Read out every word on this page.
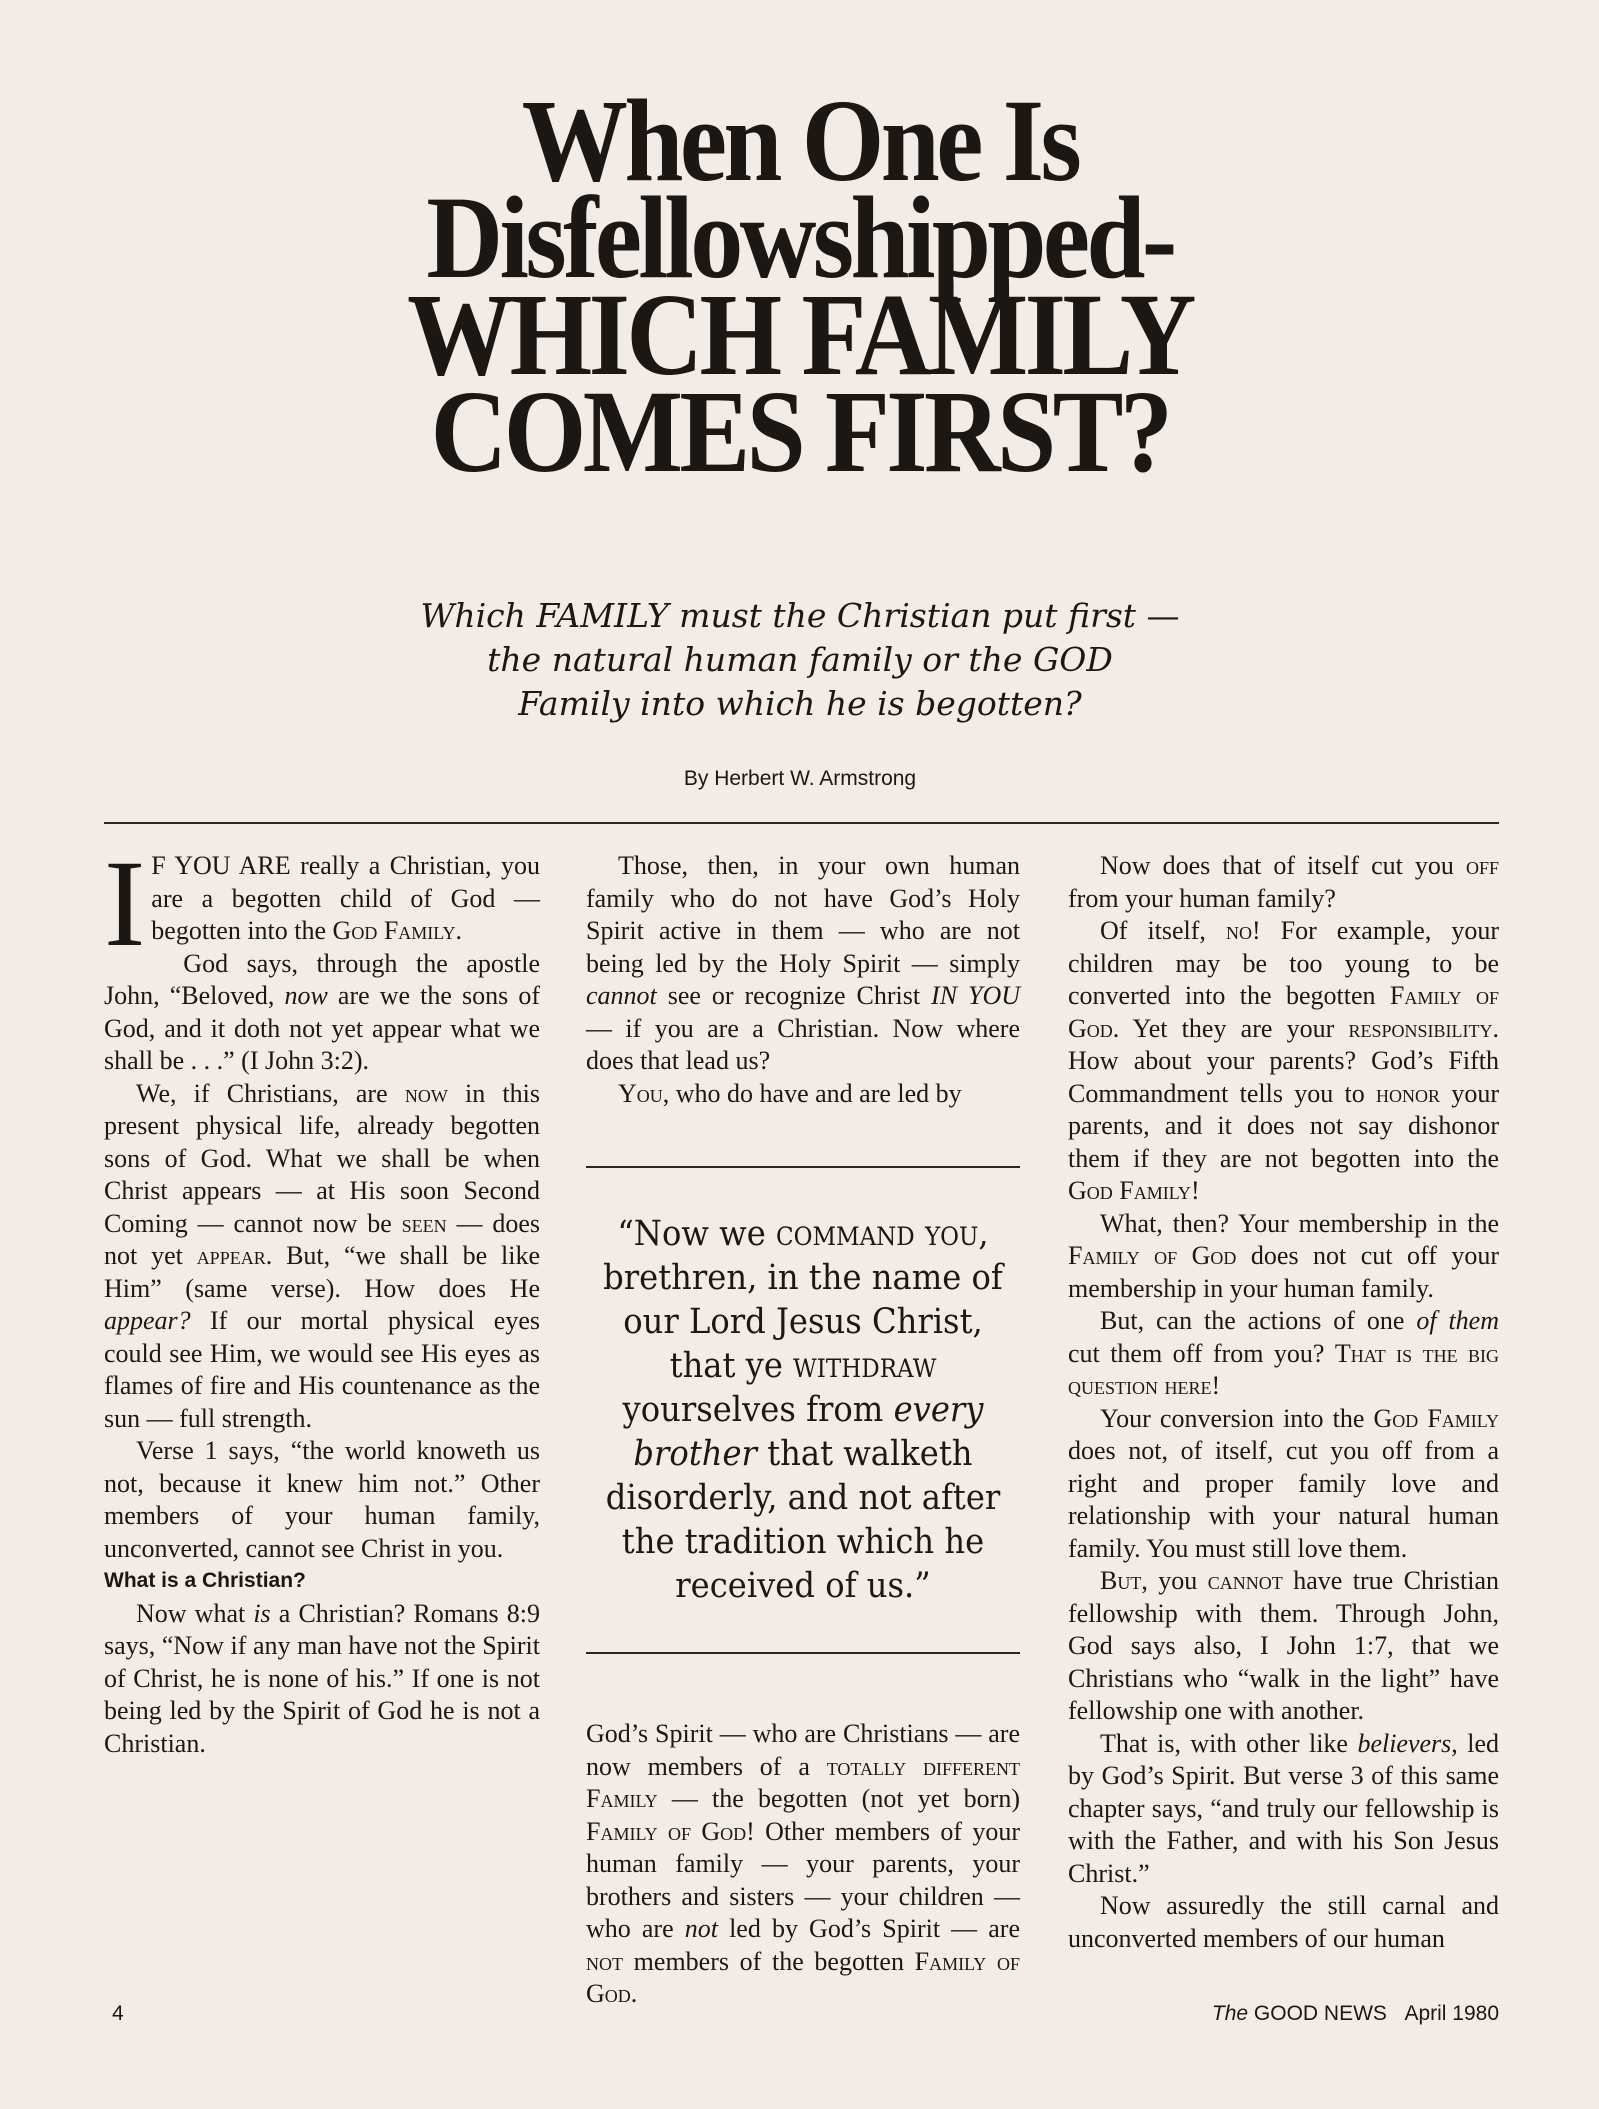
When One Is
Disfellowshipped-
WHICH FAMILY
COMES FIRST?
Which FAMILY must the Christian put first —
the natural human family or the GOD
Family into which he is begotten?
By Herbert W. Armstrong

I F YOU ARE really a Christian, you are a begotten child of God — begotten into the God Family.

God says, through the apostle John, “Beloved, now are we the sons of God, and it doth not yet appear what we shall be . . .” (I John 3:2).

We, if Christians, are now in this present physical life, already begotten sons of God. What we shall be when Christ appears — at His soon Second Coming — cannot now be seen — does not yet appear. But, “we shall be like Him” (same verse). How does He appear? If our mortal physical eyes could see Him, we would see His eyes as flames of fire and His countenance as the sun — full strength.

Verse 1 says, “the world knoweth us not, because it knew him not.” Other members of your human family, unconverted, cannot see Christ in you.

What is a Christian?

Now what is a Christian? Romans 8:9 says, “Now if any man have not the Spirit of Christ, he is none of his.” If one is not being led by the Spirit of God he is not a Christian.

Those, then, in your own human family who do not have God’s Holy Spirit active in them — who are not being led by the Holy Spirit — simply cannot see or recognize Christ IN YOU — if you are a Christian. Now where does that lead us?

You, who do have and are led by

“Now we command you, brethren, in the name of our Lord Jesus Christ, that ye withdraw yourselves from every brother that walketh disorderly, and not after the tradition which he received of us.”

God’s Spirit — who are Christians — are now members of a totally different Family — the begotten (not yet born) Family of God! Other members of your human family — your parents, your brothers and sisters — your children — who are not led by God’s Spirit — are not members of the begotten Family of God.

Now does that of itself cut you off from your human family?

Of itself, no! For example, your children may be too young to be converted into the begotten Family of God. Yet they are your responsibility. How about your parents? God’s Fifth Commandment tells you to honor your parents, and it does not say dishonor them if they are not begotten into the God Family!

What, then? Your membership in the Family of God does not cut off your membership in your human family.

But, can the actions of one of them cut them off from you? That is the big question here!

Your conversion into the God Family does not, of itself, cut you off from a right and proper family love and relationship with your natural human family. You must still love them.

But, you cannot have true Christian fellowship with them. Through John, God says also, I John 1:7, that we Christians who “walk in the light” have fellowship one with another.

That is, with other like believers, led by God’s Spirit. But verse 3 of this same chapter says, “and truly our fellowship is with the Father, and with his Son Jesus Christ.”

Now assuredly the still carnal and unconverted members of our human

4	The GOOD NEWS April 1980
